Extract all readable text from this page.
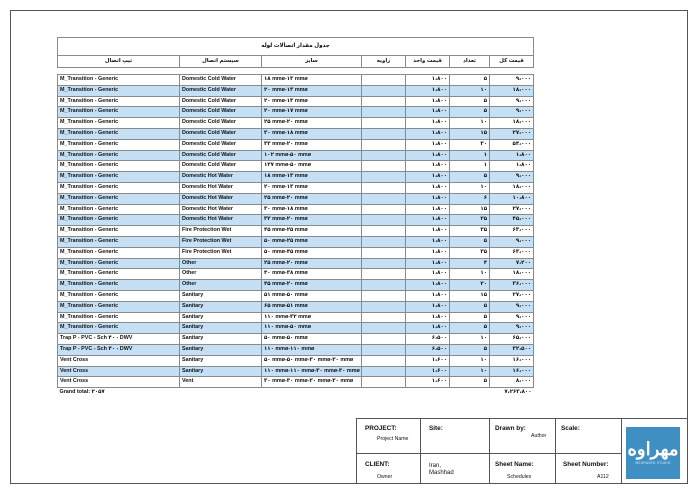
جدول مقدار اتصالات لوله						
تیپ اتصال	سیستم اتصال	سایز	زاویه	قیمت واحد	تعداد	قیمت کل

M_Transition - Generic	Domestic Cold Water	۱۸ mmø-۱۳ mmø		۱،۸۰۰	۵	۹،۰۰۰
M_Transition - Generic	Domestic Cold Water	۲۰ mmø-۱۳ mmø		۱،۸۰۰	۱۰	۱۸،۰۰۰
M_Transition - Generic	Domestic Cold Water	۲۰ mmø-۱۳ mmø		۱،۸۰۰	۵	۹،۰۰۰
M_Transition - Generic	Domestic Cold Water	۲۰ mmø-۱۷ mmø		۱،۸۰۰	۵	۹،۰۰۰
M_Transition - Generic	Domestic Cold Water	۲۵ mmø-۲۰ mmø		۱،۸۰۰	۱۰	۱۸،۰۰۰
M_Transition - Generic	Domestic Cold Water	۳۰ mmø-۱۸ mmø		۱،۸۰۰	۱۵	۲۷،۰۰۰
M_Transition - Generic	Domestic Cold Water	۳۲ mmø-۲۰ mmø		۱،۸۰۰	۳۰	۵۴،۰۰۰
M_Transition - Generic	Domestic Cold Water	۱۰۲ mmø-۵۰ mmø		۱،۸۰۰	۱	۱،۸۰۰
M_Transition - Generic	Domestic Cold Water	۱۲۷ mmø-۵۰ mmø		۱،۸۰۰	۱	۱،۸۰۰
M_Transition - Generic	Domestic Hot Water	۱۸ mmø-۱۳ mmø		۱،۸۰۰	۵	۹،۰۰۰
M_Transition - Generic	Domestic Hot Water	۲۰ mmø-۱۳ mmø		۱،۸۰۰	۱۰	۱۸،۰۰۰
M_Transition - Generic	Domestic Hot Water	۲۵ mmø-۲۰ mmø		۱،۸۰۰	۶	۱۰،۸۰۰
M_Transition - Generic	Domestic Hot Water	۳۰ mmø-۱۸ mmø		۱،۸۰۰	۱۵	۲۷،۰۰۰
M_Transition - Generic	Domestic Hot Water	۳۲ mmø-۲۰ mmø		۱،۸۰۰	۲۵	۴۵،۰۰۰
M_Transition - Generic	Fire Protection Wet	۴۵ mmø-۲۵ mmø		۱،۸۰۰	۳۵	۶۳،۰۰۰
M_Transition - Generic	Fire Protection Wet	۵۰ mmø-۲۵ mmø		۱،۸۰۰	۵	۹،۰۰۰
M_Transition - Generic	Fire Protection Wet	۵۰ mmø-۴۵ mmø		۱،۸۰۰	۳۵	۶۳،۰۰۰
M_Transition - Generic	Other	۲۵ mmø-۲۰ mmø		۱،۸۰۰	۴	۷،۲۰۰
M_Transition - Generic	Other	۴۰ mmø-۳۸ mmø		۱،۸۰۰	۱۰	۱۸،۰۰۰
M_Transition - Generic	Other	۴۵ mmø-۲۰ mmø		۱،۸۰۰	۲۰	۳۶،۰۰۰
M_Transition - Generic	Sanitary	۵۱ mmø-۵۰ mmø		۱،۸۰۰	۱۵	۲۷،۰۰۰
M_Transition - Generic	Sanitary	۶۵ mmø-۵۱ mmø		۱،۸۰۰	۵	۹،۰۰۰
M_Transition - Generic	Sanitary	۱۱۰ mmø-۳۲ mmø		۱،۸۰۰	۵	۹،۰۰۰
M_Transition - Generic	Sanitary	۱۱۰ mmø-۵۰ mmø		۱،۸۰۰	۵	۹،۰۰۰
Trap P - PVC - Sch ۴۰ - DWV	Sanitary	۵۰ mmø-۵۰ mmø		۶،۵۰۰	۱۰	۶۵،۰۰۰
Trap P - PVC - Sch ۴۰ - DWV	Sanitary	۱۱۰ mmø-۱۱۰ mmø		۶،۵۰۰	۵	۳۲،۵۰۰
Vent Cross	Sanitary	۵۰ mmø-۵۰ mmø-۳۰ mmø-۳۰ mmø		۱،۶۰۰	۱۰	۱۶،۰۰۰
Vent Cross	Sanitary	۱۱۰ mmø-۱۱۰ mmø-۳۰ mmø-۳۰ mmø		۱،۶۰۰	۱۰	۱۶،۰۰۰
Vent Cross	Vent	۳۰ mmø-۳۰ mmø-۳۰ mmø-۳۰ mmø		۱،۶۰۰	۵	۸،۰۰۰
Grand total: ۲۰۵۷				۷،۲۶۳،۸۰۰		
PROJECT:
Project Name
Site:	Drawn by:
Author
Scale:
CLIENT:
Owner
Iran,
Mashhad
Sheet Name:
Schedules
Sheet Number:
A112
مهراوه
MEHRAVEH STUDIO
